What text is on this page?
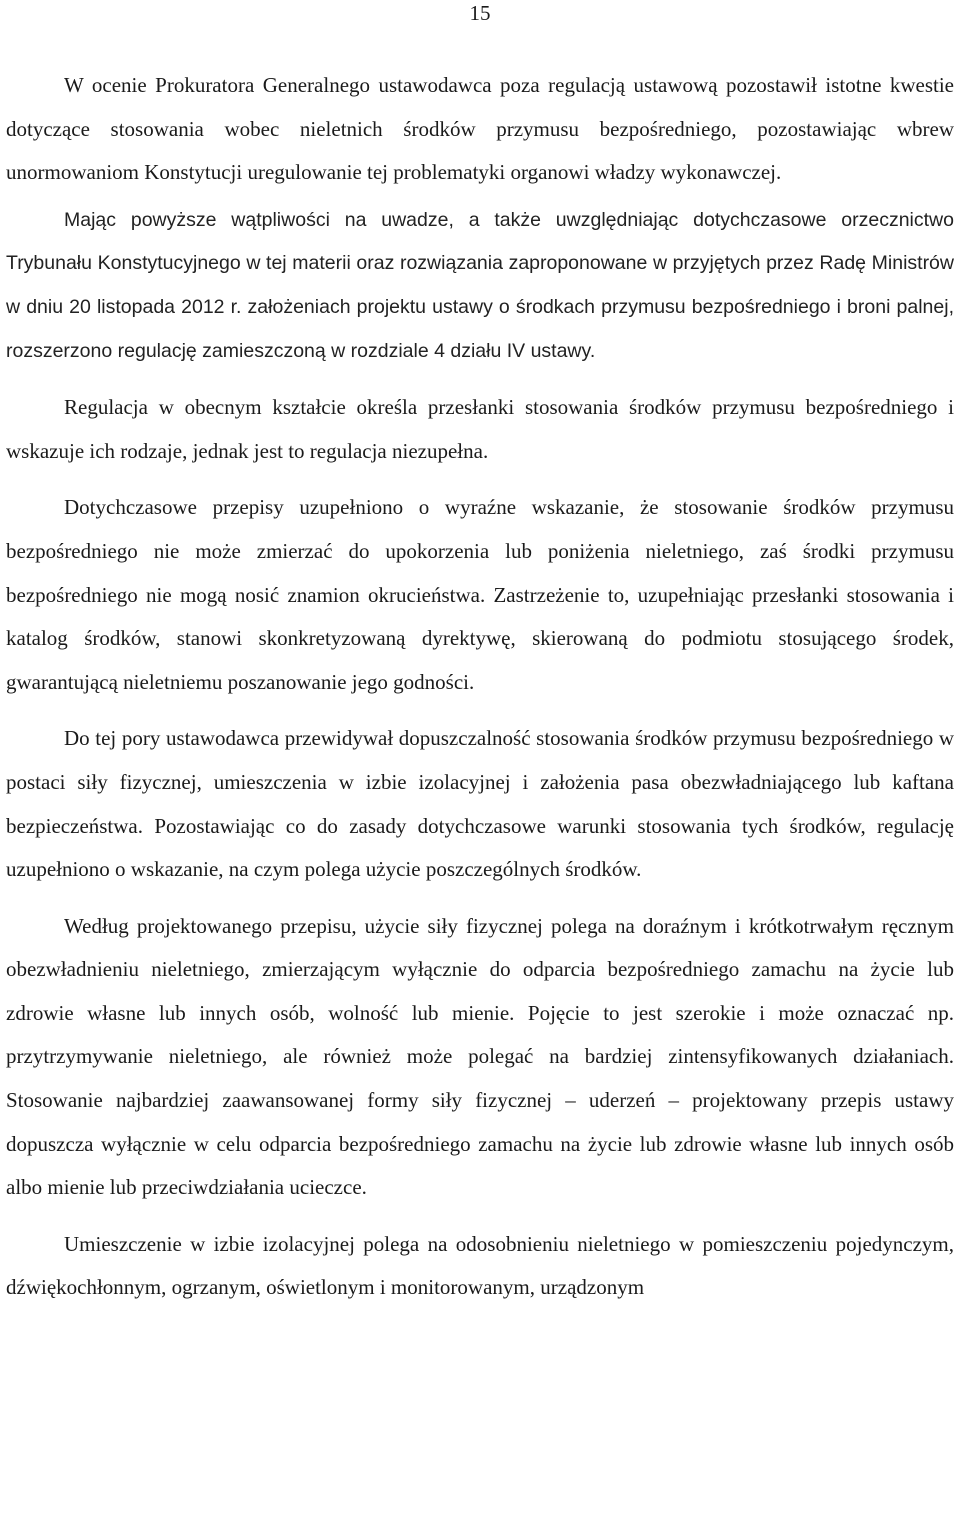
15

W ocenie Prokuratora Generalnego ustawodawca poza regulacją ustawową pozostawił istotne kwestie dotyczące stosowania wobec nieletnich środków przymusu bezpośredniego, pozostawiając wbrew unormowaniom Konstytucji uregulowanie tej problematyki organowi władzy wykonawczej.

Mając powyższe wątpliwości na uwadze, a także uwzględniając dotychczasowe orzecznictwo Trybunału Konstytucyjnego w tej materii oraz rozwiązania zaproponowane w przyjętych przez Radę Ministrów w dniu 20 listopada 2012 r. założeniach projektu ustawy o środkach przymusu bezpośredniego i broni palnej, rozszerzono regulację zamieszczoną w rozdziale 4 działu IV ustawy.

Regulacja w obecnym kształcie określa przesłanki stosowania środków przymusu bezpośredniego i wskazuje ich rodzaje, jednak jest to regulacja niezupełna.

Dotychczasowe przepisy uzupełniono o wyraźne wskazanie, że stosowanie środków przymusu bezpośredniego nie może zmierzać do upokorzenia lub poniżenia nieletniego, zaś środki przymusu bezpośredniego nie mogą nosić znamion okrucieństwa. Zastrzeżenie to, uzupełniając przesłanki stosowania i katalog środków, stanowi skonkretyzowaną dyrektywę, skierowaną do podmiotu stosującego środek, gwarantującą nieletniemu poszanowanie jego godności.

Do tej pory ustawodawca przewidywał dopuszczalność stosowania środków przymusu bezpośredniego w postaci siły fizycznej, umieszczenia w izbie izolacyjnej i założenia pasa obezwładniającego lub kaftana bezpieczeństwa. Pozostawiając co do zasady dotychczasowe warunki stosowania tych środków, regulację uzupełniono o wskazanie, na czym polega użycie poszczególnych środków.

Według projektowanego przepisu, użycie siły fizycznej polega na doraźnym i krótkotrwałym ręcznym obezwładnieniu nieletniego, zmierzającym wyłącznie do odparcia bezpośredniego zamachu na życie lub zdrowie własne lub innych osób, wolność lub mienie. Pojęcie to jest szerokie i może oznaczać np. przytrzymywanie nieletniego, ale również może polegać na bardziej zintensyfikowanych działaniach. Stosowanie najbardziej zaawansowanej formy siły fizycznej – uderzeń – projektowany przepis ustawy dopuszcza wyłącznie w celu odparcia bezpośredniego zamachu na życie lub zdrowie własne lub innych osób albo mienie lub przeciwdziałania ucieczce.

Umieszczenie w izbie izolacyjnej polega na odosobnieniu nieletniego w pomieszczeniu pojedynczym, dźwiękochłonnym, ogrzanym, oświetlonym i monitorowanym, urządzonym
